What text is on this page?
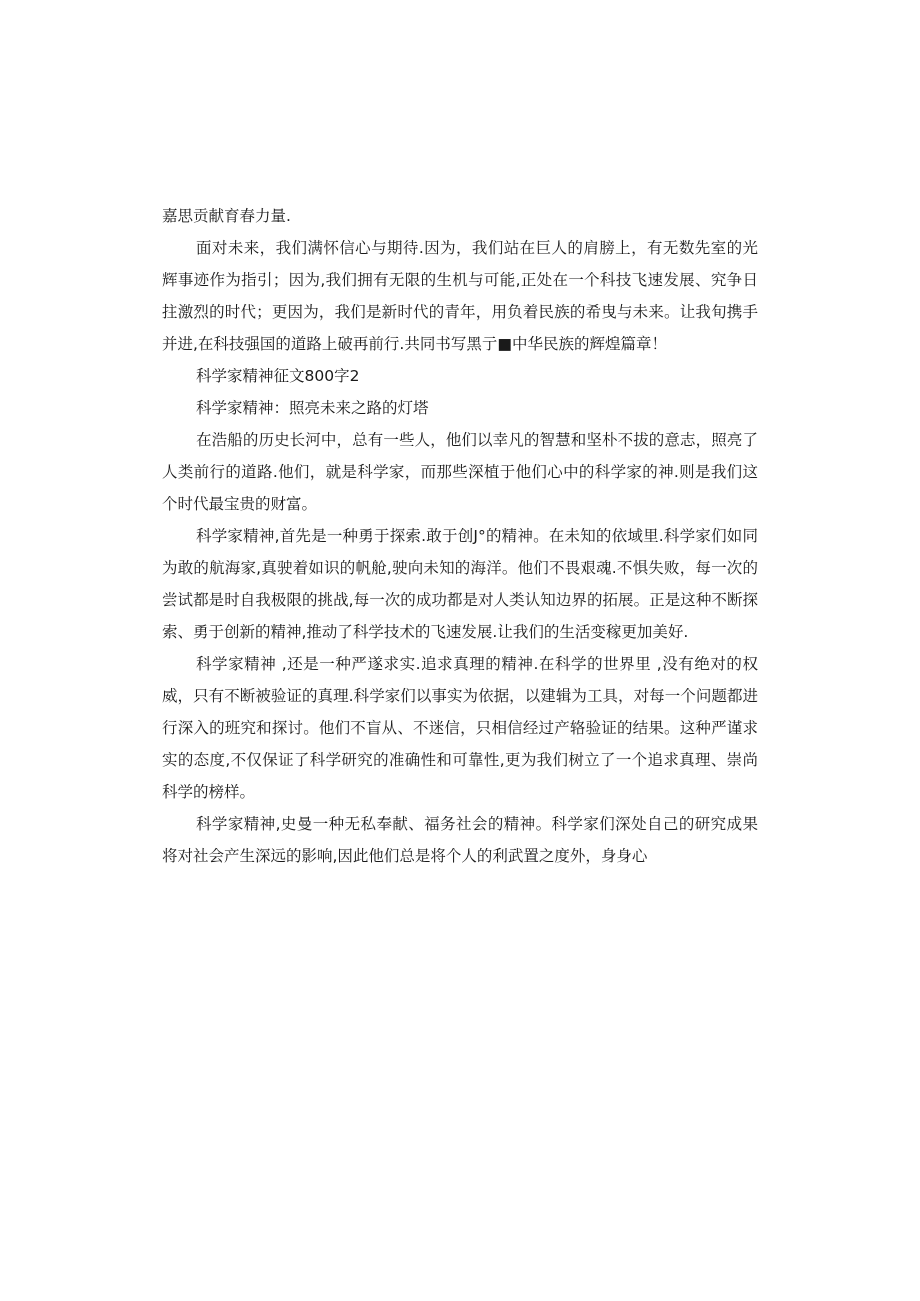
嘉思贡献育春力量.

面对未来，我们满怀信心与期待.因为，我们站在巨人的肩膀上，有无数先室的光辉事迹作为指引；因为,我们拥有无限的生机与可能,正处在一个科技飞速发展、究争日拄激烈的时代；更因为，我们是新时代的青年，用负着民族的希曳与未来。让我旬携手并进,在科技强国的道路上破再前行.共同书写黑亍■中华民族的辉煌篇章！

科学家精神征文800字2

科学家精神：照亮未来之路的灯塔

在浩船的历史长河中，总有一些人，他们以幸凡的智慧和坚朴不拔的意志，照亮了人类前行的道路.他们，就是科学家，而那些深植于他们心中的科学家的神.则是我们这个时代最宝贵的财富。

科学家精神,首先是一种勇于探索.敢于创J°的精神。在未知的依域里.科学家们如同为敢的航海家,真驶着如识的帆舱,驶向未知的海洋。他们不畏艰魂.不惧失败，每一次的尝试都是时自我极限的挑战,每一次的成功都是对人类认知边界的拓展。正是这种不断探索、勇于创新的精神,推动了科学技术的飞速发展.让我们的生活变稼更加美好.

科学家精神 ,还是一种严遂求实.追求真理的精神.在科学的世界里 ,没有绝对的权威，只有不断被验证的真理.科学家们以事实为依据，以建辑为工具，对每一个问题都进行深入的班究和探讨。他们不盲从、不迷信，只相信经过产辂验证的结果。这种严谨求实的态度,不仅保证了科学研究的准确性和可靠性,更为我们树立了一个追求真理、崇尚科学的榜样。

科学家精神,史曼一种无私奉献、福务社会的精神。科学家们深处自己的研究成果将对社会产生深远的影响,因此他们总是将个人的利武置之度外，身身心
